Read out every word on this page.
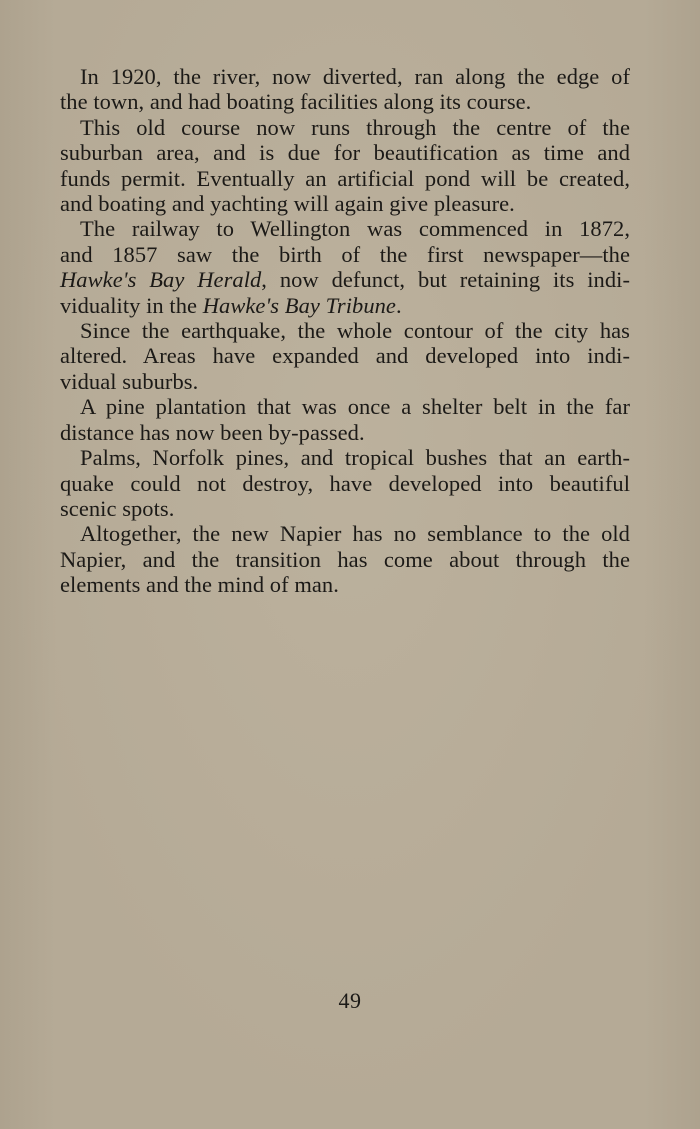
In 1920, the river, now diverted, ran along the edge of
the town, and had boating facilities along its course.

This old course now runs through the centre of the
suburban area, and is due for beautification as time and
funds permit. Eventually an artificial pond will be created,
and boating and yachting will again give pleasure.

The railway to Wellington was commenced in 1872,
and 1857 saw the birth of the first newspaper—the
Hawke's Bay Herald, now defunct, but retaining its indi-
viduality in the Hawke's Bay Tribune.

Since the earthquake, the whole contour of the city has
altered. Areas have expanded and developed into indi-
vidual suburbs.

A pine plantation that was once a shelter belt in the far
distance has now been by-passed.

Palms, Norfolk pines, and tropical bushes that an earth-
quake could not destroy, have developed into beautiful
scenic spots.

Altogether, the new Napier has no semblance to the old
Napier, and the transition has come about through the
elements and the mind of man.

49
